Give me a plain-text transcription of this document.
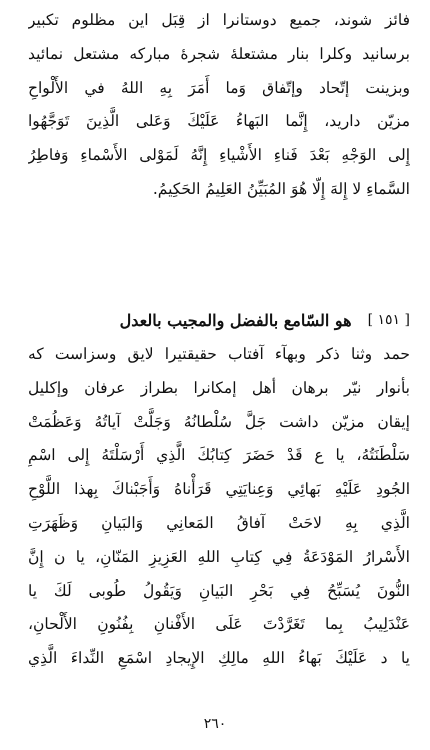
فائز شوند، جميع دوستانرا از قِبَل اين مظلوم تكبير
برسانيد وكلرا بنار مشتعلهٔ شجرهٔ مباركه مشتعل نمائيد
وبزينت إتّحاد وإتّفاق وَما أَمَرَ بِهِ اللهُ في الأَلْواحِ
مزيّن داريد، إِنَّما البَهاءُ عَلَيْكَ وَعَلى الَّذِينَ تَوَجَّهُوا
إِلى الوَجْهِ بَعْدَ فَناءِ الأَشْياءِ إِنَّهُ لَمَوْلى الأَسْماءِ وَفاطِرُ
السَّماءِ لا إِلهَ إِلّا هُوَ المُبَيِّنُ العَلِيمُ الحَكِيمُ.
[ ١٥١ ]
هو السّامع بالفضل والمجيب بالعدل
حمد وثنا ذكر وبهآء آفتاب حقيقتيرا لايق وسزاست كه
بأنوار نيّر برهان أهل إمكانرا بطراز عرفان وإكليل
إيقان مزيّن داشت جَلَّ سُلْطانُهُ وَجَلَّتْ آياتُهُ وَعَظُمَتْ
سَلْطَنَتُهُ، يا ع قَدْ حَضَرَ كِتابُكَ الَّذِي أَرْسَلْتَهُ إِلى اسْمِ
الجُودِ عَلَيْهِ بَهائِي وَعِنايَتِي قَرَأْناهُ وَأَجَبْناكَ بِهذا اللَّوْحِ
الَّذِي بِهِ لاحَتْ آفاقُ المَعانِي وَالبَيانِ وَظَهَرَتِ
الأَسْرارُ المَوْدَعَةُ فِي كِتابِ اللهِ العَزِيزِ المَنّانِ، يا ن إِنَّ
النُّونَ يُسَبِّحُ فِي بَحْرِ البَيانِ وَيَقُولُ طُوبى لَكَ يا
عَنْدَلِيبُ بِما تَغَرَّدْتَ عَلَى الأَفْنانِ بِفُنُونِ الأَلْحانِ،
يا د عَلَيْكَ بَهاءُ اللهِ مالِكِ الإِيجادِ اسْمَعِ النِّداءَ الَّذِي
٢٦٠
